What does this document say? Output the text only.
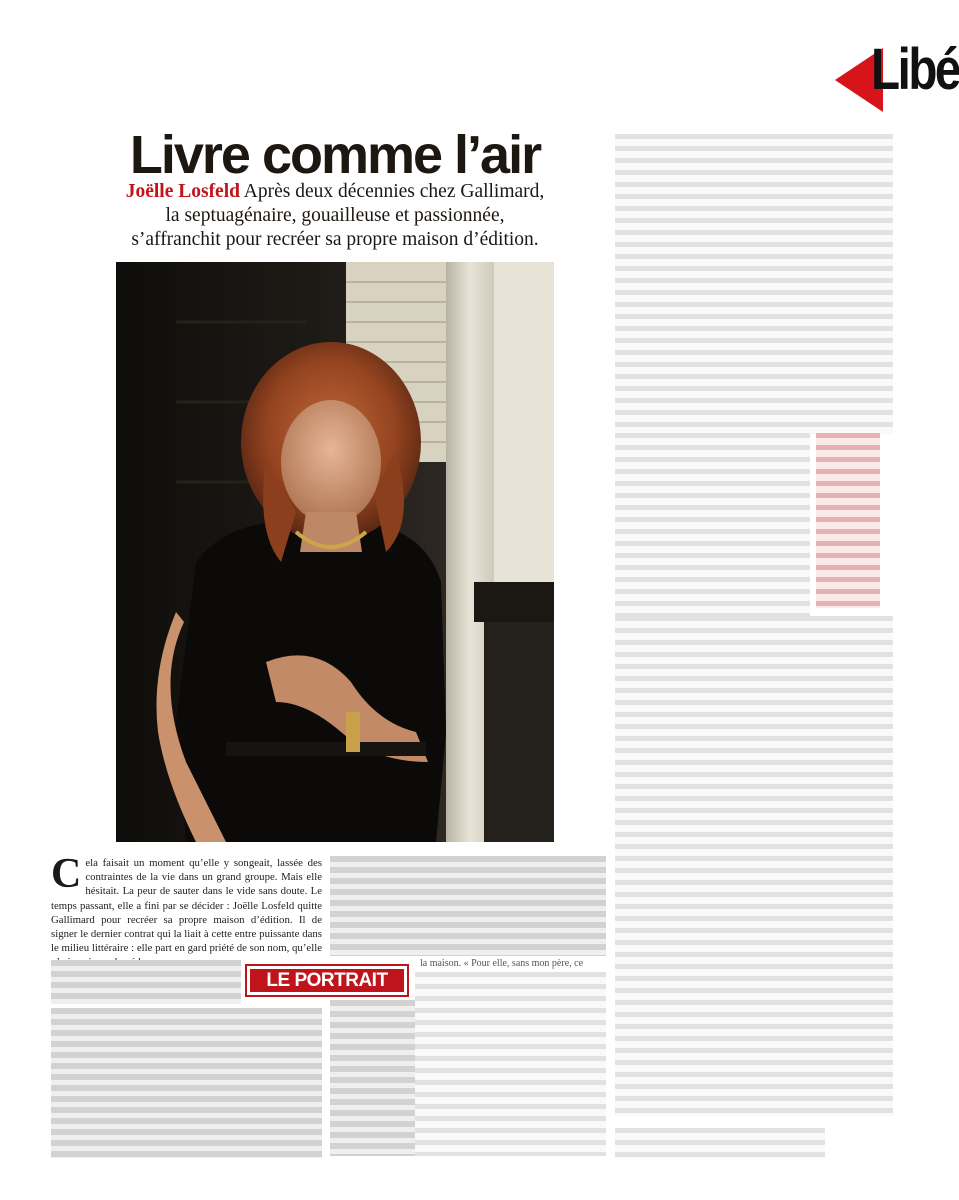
Libé
Livre comme l’air
Joëlle Losfeld Après deux décennies chez Gallimard,
la septuagénaire, gouailleuse et passionnée,
s’affranchit pour recréer sa propre maison d’édition.
Cela faisait un moment qu’elle y songeait, lassée des contraintes de la vie dans un grand groupe. Mais elle hésitait. La peur de sauter dans le vide sans doute. Le temps passant, elle a fini par se décider : Joëlle Losfeld quitte Gallimard pour recréer sa propre maison d’édition. Il de signer le dernier contrat qui la liait à cette entre puissante dans le milieu littéraire : elle part en gard priété de son nom, qu’elle
la maison. « Pour elle, sans mon père, ce
LE PORTRAIT
